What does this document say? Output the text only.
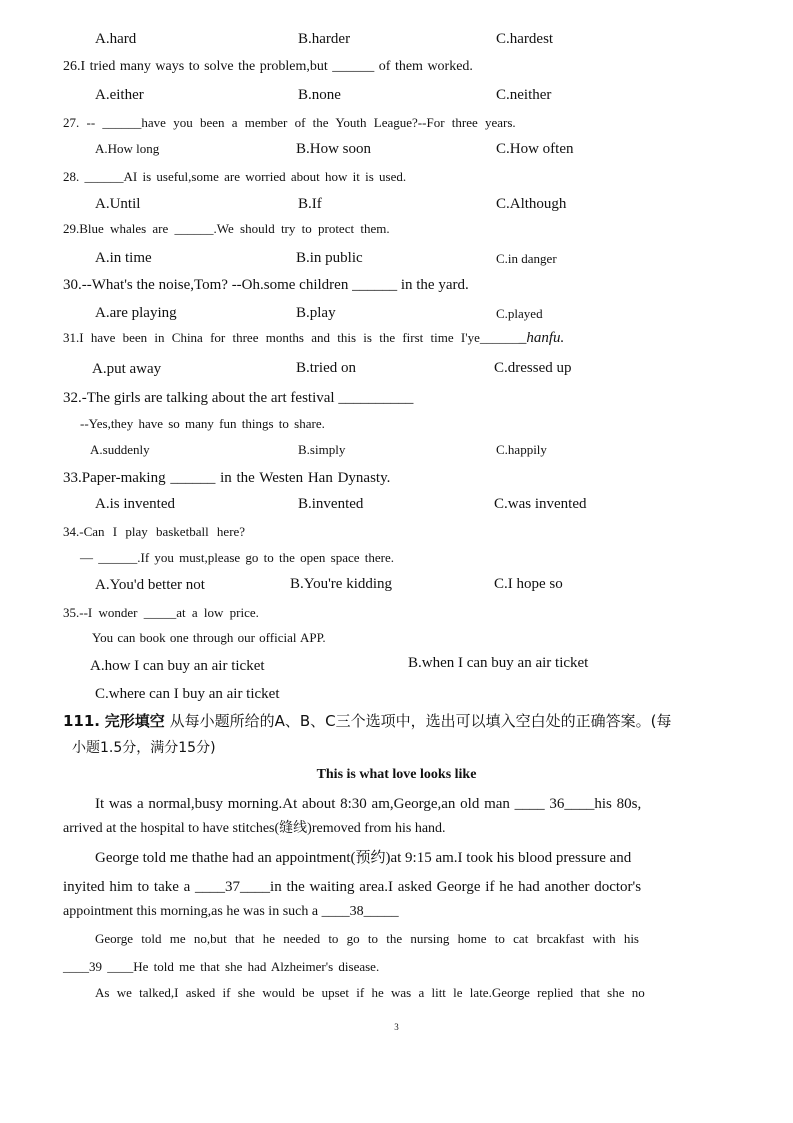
A.hard	B.harder	C.hardest
26.I tried many ways to solve the problem,but ______ of them worked.
A.either	B.none	C.neither
27. -- ______have you been a member of the Youth League?--For three years.
A.How long	B.How soon	C.How often
28. ______AI is useful,some are worried about how it is used.
A.Until	B.If	C.Although
29.Blue whales are ______.We should try to protect them.
A.in time	B.in public	C.in danger
30.--What's the noise,Tom? --Oh.some children ______ in the yard.
A.are playing	B.play	C.played
31.I have been in China for three months and this is the first time I'ye_______hanfu.
A.put away	B.tried on	C.dressed up
32.-The girls are talking about the art festival __________
--Yes,they have so many fun things to share.
A.suddenly	B.simply	C.happily
33.Paper-making ______ in the Westen Han Dynasty.
A.is invented	B.invented	C.was invented
34.-Can I play basketball here?
— ______.If you must,please go to the open space there.
A.You'd better not	B.You're kidding	C.I hope so
35.--I wonder _____at a low price.
You can book one through our official APP.
A.how I can buy an air ticket	B.when I can buy an air ticket
C.where can I buy an air ticket
111. 完形填空 从每小题所给的A、B、C三个选项中，选出可以填入空白处的正确答案。(每
小题1.5分，满分15分)
This is what love looks like
It was a normal,busy morning.At about 8:30 am,George,an old man ____ 36____his 80s,
arrived at the hospital to have stitches(缝线)removed from his hand.
George told me thathe had an appointment(预约)at 9:15 am.I took his blood pressure and
inyited him to take a ____37____in the waiting area.I asked George if he had another doctor's
appointment this morning,as he was in such a ____38_____
George told me no,but that he needed to go to the nursing home to cat brcakfast with his
____39 ____He told me that she had Alzheimer's disease.
As we talked,I asked if she would be upset if he was a litt le late.George replied that she no
3
